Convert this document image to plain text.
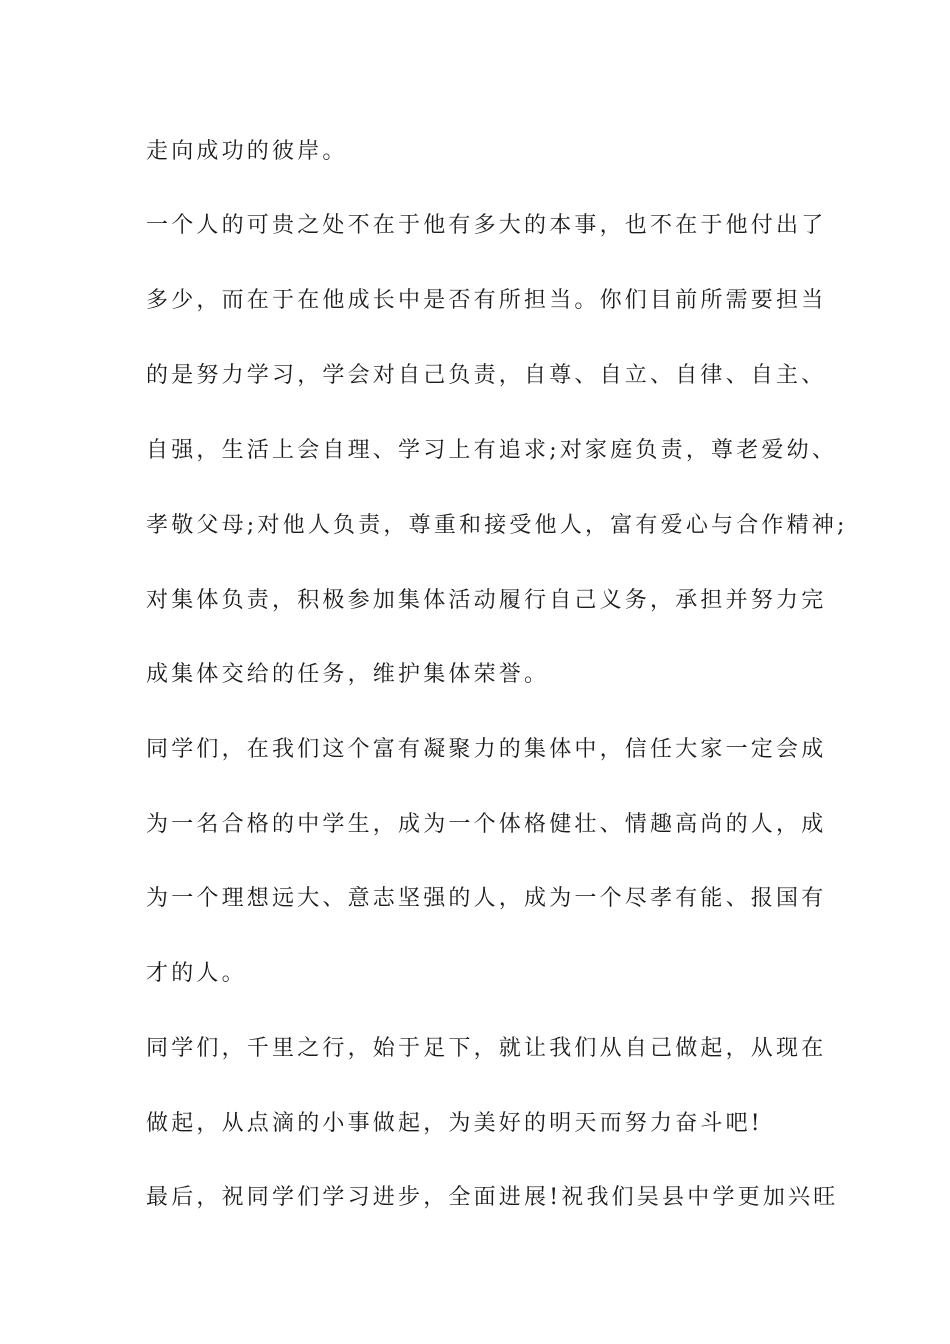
走向成功的彼岸。
一个人的可贵之处不在于他有多大的本事，也不在于他付出了
多少，而在于在他成长中是否有所担当。你们目前所需要担当
的是努力学习，学会对自己负责，自尊、自立、自律、自主、
自强，生活上会自理、学习上有追求;对家庭负责，尊老爱幼、
孝敬父母;对他人负责，尊重和接受他人，富有爱心与合作精神;
对集体负责，积极参加集体活动履行自己义务，承担并努力完
成集体交给的任务，维护集体荣誉。
同学们，在我们这个富有凝聚力的集体中，信任大家一定会成
为一名合格的中学生，成为一个体格健壮、情趣高尚的人，成
为一个理想远大、意志坚强的人，成为一个尽孝有能、报国有
才的人。
同学们，千里之行，始于足下，就让我们从自己做起，从现在
做起，从点滴的小事做起，为美好的明天而努力奋斗吧!
最后，祝同学们学习进步，全面进展!祝我们吴县中学更加兴旺
